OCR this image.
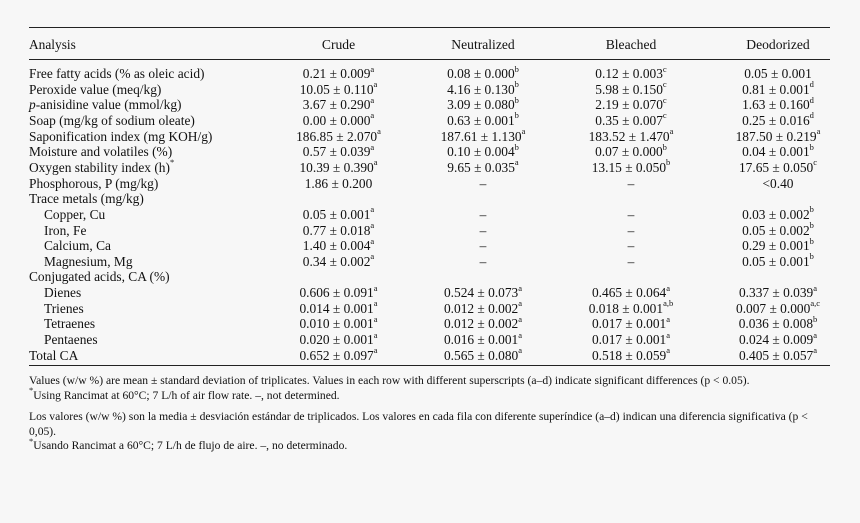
Analysis	Crude	Neutralized	Bleached	Deodorized
Free fatty acids (% as oleic acid)	0.21 ± 0.009$^a$	0.08 ± 0.000$^b$	0.12 ± 0.003$^c$	0.05 ± 0.001
Peroxide value (meq/kg)	10.05 ± 0.110$^a$	4.16 ± 0.130$^b$	5.98 ± 0.150$^c$	0.81 ± 0.001$^d$
p-anisidine value (mmol/kg)	3.67 ± 0.290$^a$	3.09 ± 0.080$^b$	2.19 ± 0.070$^c$	1.63 ± 0.160$^d$
Soap (mg/kg of sodium oleate)	0.00 ± 0.000$^a$	0.63 ± 0.001$^b$	0.35 ± 0.007$^c$	0.25 ± 0.016$^d$
Saponification index (mg KOH/g)	186.85 ± 2.070$^a$	187.61 ± 1.130$^a$	183.52 ± 1.470$^a$	187.50 ± 0.219$^a$
Moisture and volatiles (%)	0.57 ± 0.039$^a$	0.10 ± 0.004$^b$	0.07 ± 0.000$^b$	0.04 ± 0.001$^b$
Oxygen stability index (h)*	10.39 ± 0.390$^a$	9.65 ± 0.035$^a$	13.15 ± 0.050$^b$	17.65 ± 0.050$^c$
Phosphorous, P (mg/kg)	1.86 ± 0.200	–	–	<0.40
Trace metals (mg/kg)
Copper, Cu	0.05 ± 0.001$^a$	–	–	0.03 ± 0.002$^b$
Iron, Fe	0.77 ± 0.018$^a$	–	–	0.05 ± 0.002$^b$
Calcium, Ca	1.40 ± 0.004$^a$	–	–	0.29 ± 0.001$^b$
Magnesium, Mg	0.34 ± 0.002$^a$	–	–	0.05 ± 0.001$^b$
Conjugated acids, CA (%)
Dienes	0.606 ± 0.091$^a$	0.524 ± 0.073$^a$	0.465 ± 0.064$^a$	0.337 ± 0.039$^a$
Trienes	0.014 ± 0.001$^a$	0.012 ± 0.002$^a$	$0.018 \pm 0.001^{a,b}$	$0.007 \pm 0.000^{a,c}$
Tetraenes	0.010 ± 0.001$^a$	0.012 ± 0.002$^a$	0.017 ± 0.001$^a$	0.036 ± 0.008$^b$
Pentaenes	0.020 ± 0.001$^a$	0.016 ± 0.001$^a$	0.017 ± 0.001$^a$	0.024 ± 0.009$^a$
Total CA	0.652 ± 0.097$^a$	0.565 ± 0.080$^a$	0.518 ± 0.059$^a$	0.405 ± 0.057$^a$

Values (w/w %) are mean ± standard deviation of triplicates. Values in each row with different superscripts (a–d) indicate significant differences (p < 0.05).

*Using Rancimat at 60°C; 7 L/h of air flow rate. –, not determined.

Los valores (w/w %) son la media ± desviación estándar de triplicados. Los valores en cada fila con diferente superíndice (a–d) indican una diferencia significativa (p < 0,05).

*Usando Rancimat a 60°C; 7 L/h de flujo de aire. –, no determinado.
